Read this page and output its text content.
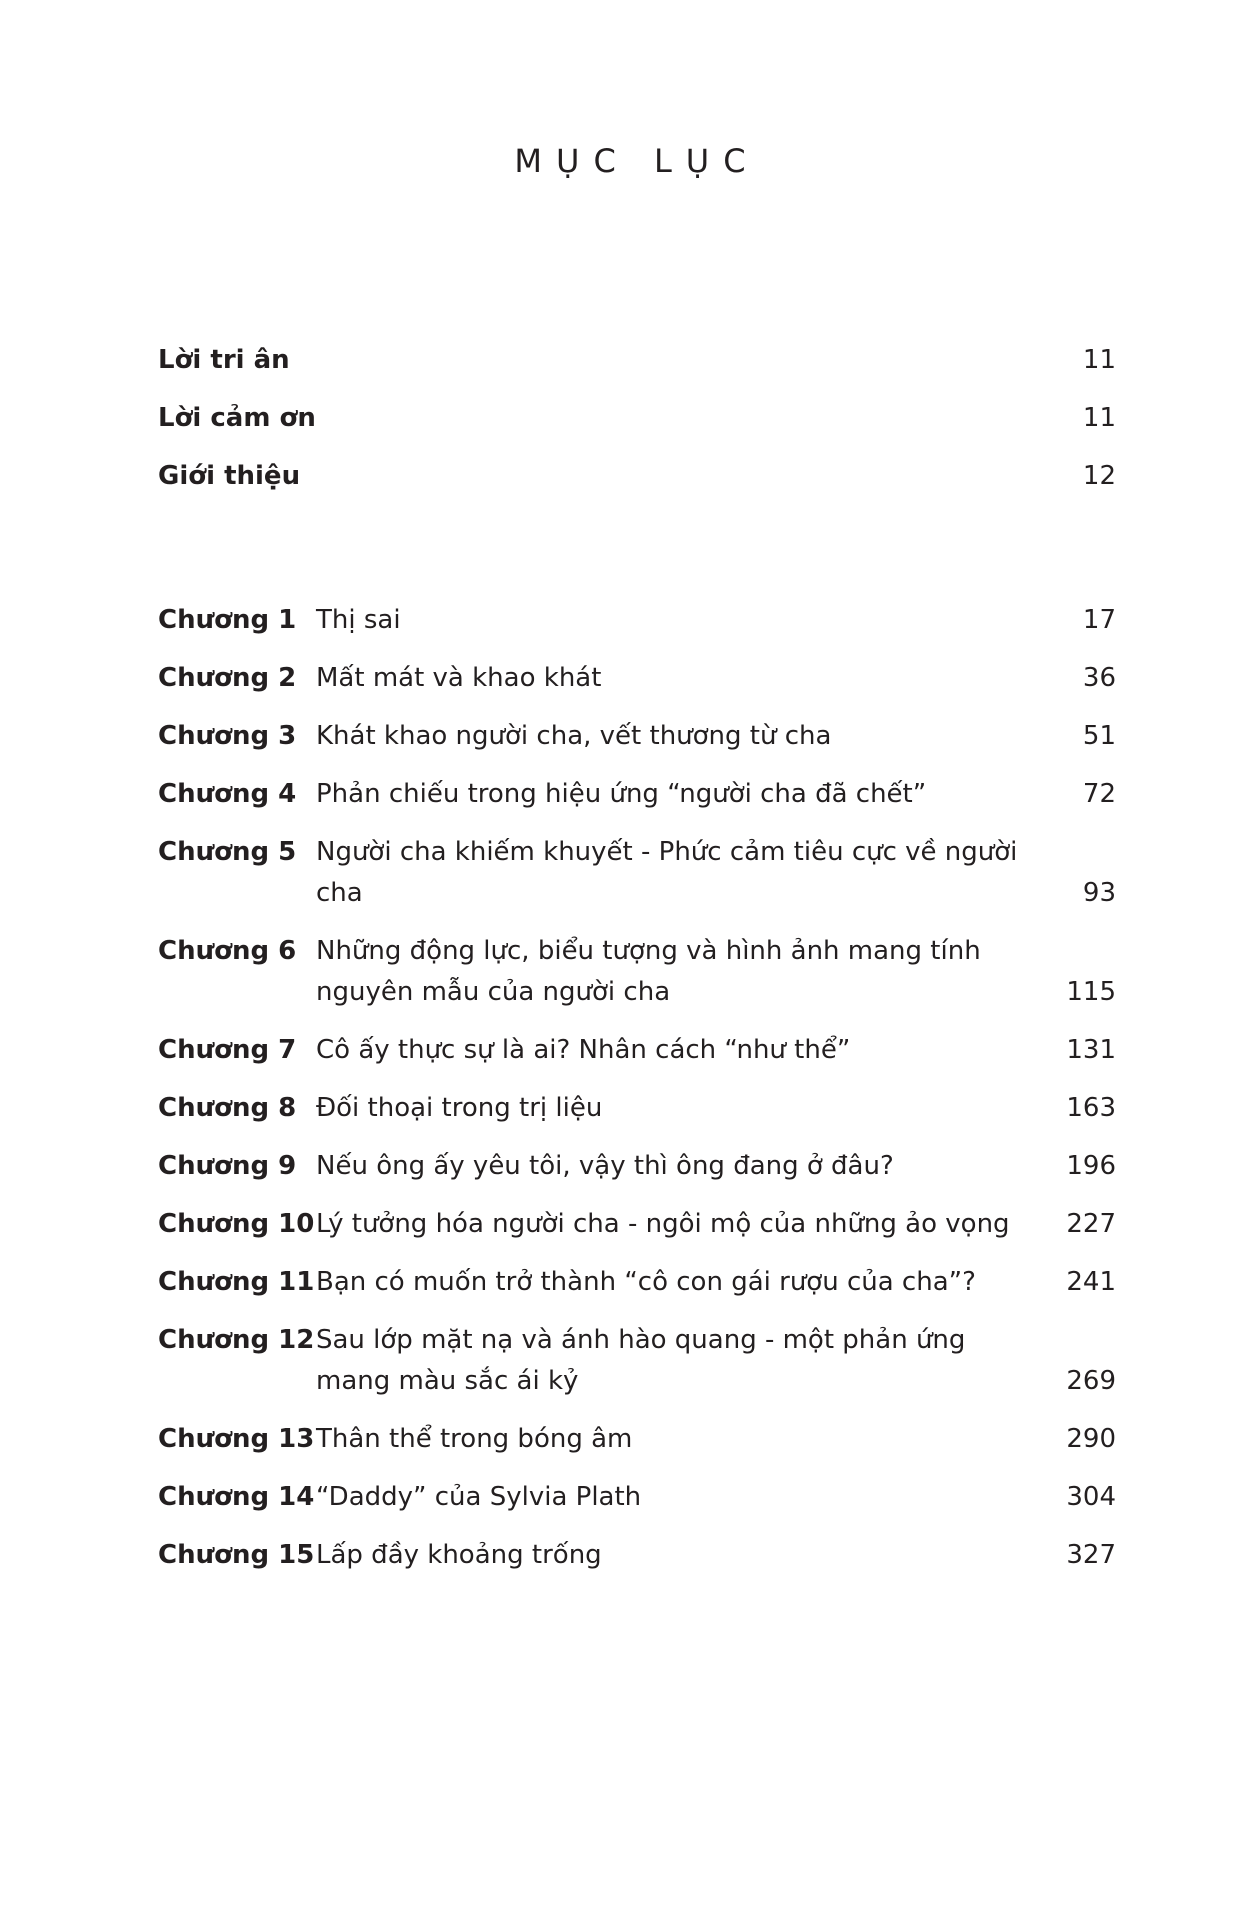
MỤC LỤC
Lời tri ân	11
Lời cảm ơn	11
Giới thiệu	12
Chương 1 Thị sai	17
Chương 2 Mất mát và khao khát	36
Chương 3 Khát khao người cha, vết thương từ cha	51
Chương 4 Phản chiếu trong hiệu ứng “người cha đã chết”	72
Chương 5 Người cha khiếm khuyết - Phức cảm tiêu cực về người cha	93
Chương 6 Những động lực, biểu tượng và hình ảnh mang tính
nguyên mẫu của người cha	115
Chương 7 Cô ấy thực sự là ai? Nhân cách “như thể”	131
Chương 8 Đối thoại trong trị liệu	163
Chương 9 Nếu ông ấy yêu tôi, vậy thì ông đang ở đâu?	196
Chương 10 Lý tưởng hóa người cha - ngôi mộ của những ảo vọng	227
Chương 11 Bạn có muốn trở thành “cô con gái rượu của cha”?	241
Chương 12 Sau lớp mặt nạ và ánh hào quang - một phản ứng
mang màu sắc ái kỷ	269
Chương 13 Thân thể trong bóng âm	290
Chương 14 “Daddy” của Sylvia Plath	304
Chương 15 Lấp đầy khoảng trống	327
